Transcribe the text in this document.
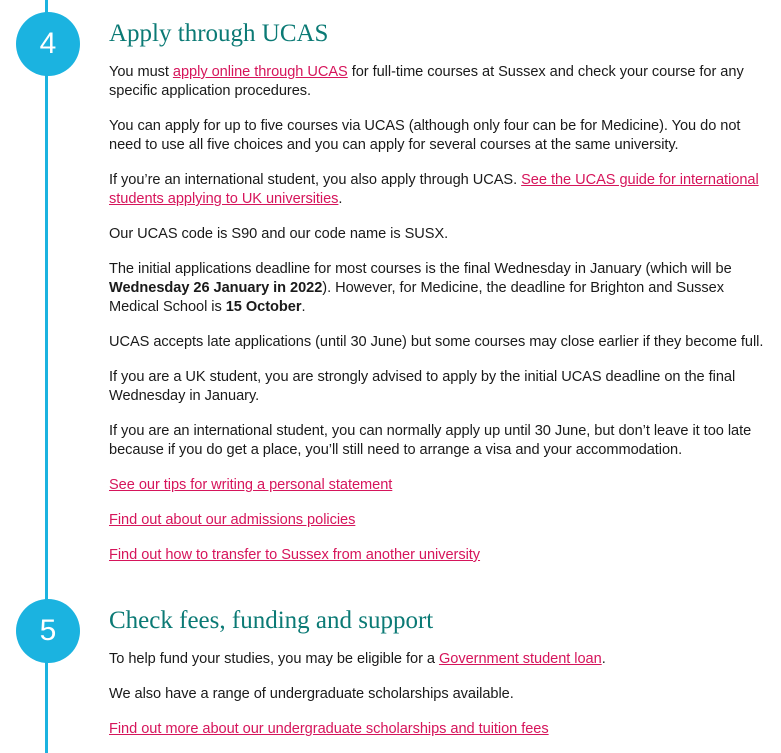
4
5
Apply through UCAS

You must apply online through UCAS for full-time courses at Sussex and check your course for any specific application procedures.

You can apply for up to five courses via UCAS (although only four can be for Medicine). You do not need to use all five choices and you can apply for several courses at the same university.

If you’re an international student, you also apply through UCAS. See the UCAS guide for international students applying to UK universities.

Our UCAS code is S90 and our code name is SUSX.

The initial applications deadline for most courses is the final Wednesday in January (which will be Wednesday 26 January in 2022). However, for Medicine, the deadline for Brighton and Sussex Medical School is 15 October.

UCAS accepts late applications (until 30 June) but some courses may close earlier if they become full.

If you are a UK student, you are strongly advised to apply by the initial UCAS deadline on the final Wednesday in January.

If you are an international student, you can normally apply up until 30 June, but don’t leave it too late because if you do get a place, you’ll still need to arrange a visa and your accommodation.

See our tips for writing a personal statement

Find out about our admissions policies

Find out how to transfer to Sussex from another university

Check fees, funding and support

To help fund your studies, you may be eligible for a Government student loan.

We also have a range of undergraduate scholarships available.

Find out more about our undergraduate scholarships and tuition fees
